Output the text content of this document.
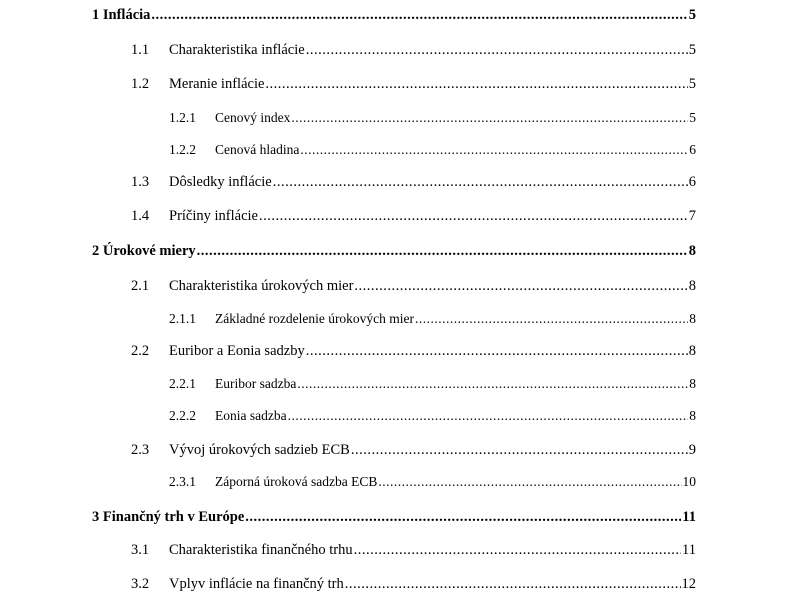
1 Inflácia .....	5
1.1 Charakteristika inflácie .....	5
1.2 Meranie inflácie .....	5
1.2.1 Cenový index .....	5
1.2.2 Cenová hladina .....	6
1.3 Dôsledky inflácie .....	6
1.4 Príčiny inflácie .....	7
2 Úrokové miery .....	8
2.1 Charakteristika úrokových mier .....	8
2.1.1 Základné rozdelenie úrokových mier .....	8
2.2 Euribor a Eonia sadzby .....	8
2.2.1 Euribor sadzba .....	8
2.2.2 Eonia sadzba .....	8
2.3 Vývoj úrokových sadzieb ECB .....	9
2.3.1 Záporná úroková sadzba ECB .....	10
3 Finančný trh v Európe .....	11
3.1 Charakteristika finančného trhu .....	11
3.2 Vplyv inflácie na finančný trh .....	12
